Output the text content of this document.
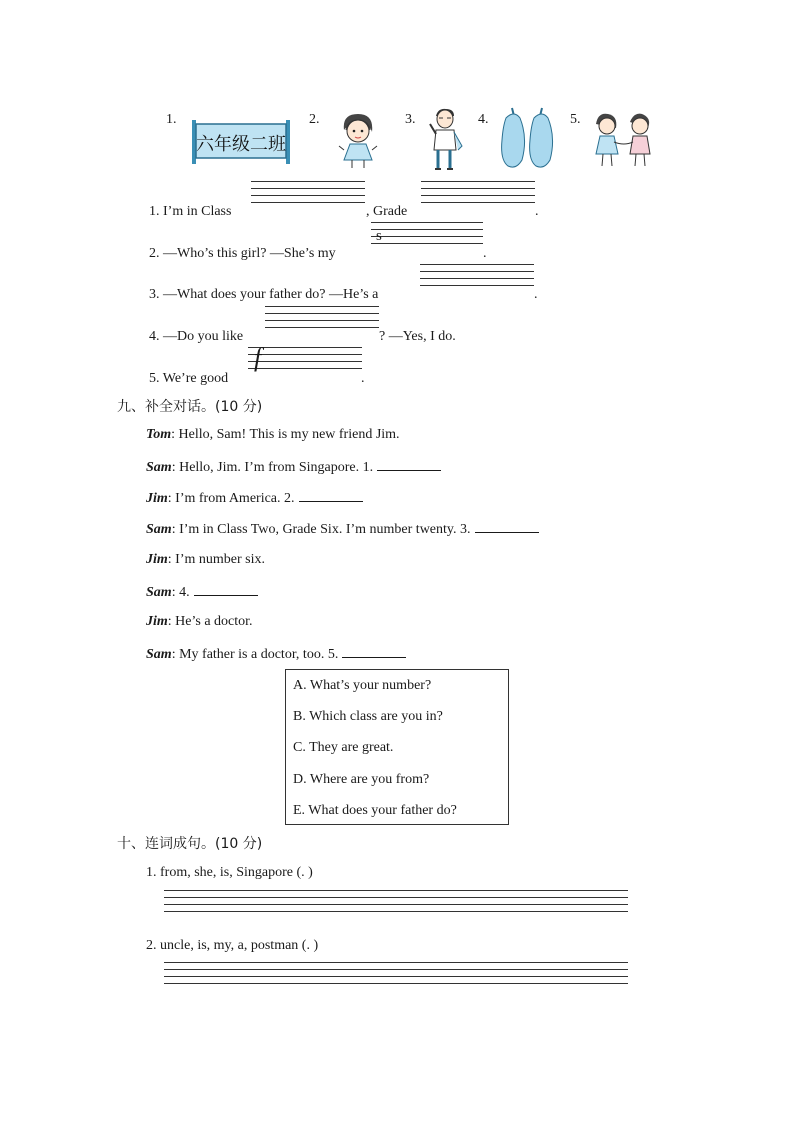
1.
六年级二班
2.	3.	4.	5.
1. I’m in Class	, Grade	.
2. —Who’s this girl? —She’s my
s
.
3. —What does your father do? —He’s a	.
4. —Do you like	? —Yes, I do.
5. We’re good
f
.
九、补全对话。(10 分)
Tom: Hello, Sam! This is my new friend Jim.
Sam: Hello, Jim. I’m from Singapore. 1.
Jim: I’m from America. 2.
Sam: I’m in Class Two, Grade Six. I’m number twenty. 3.
Jim: I’m number six.
Sam: 4.
Jim: He’s a doctor.
Sam: My father is a doctor, too. 5.
A. What’s your number?
B. Which class are you in?
C. They are great.
D. Where are you from?
E. What does your father do?
十、连词成句。(10 分)
1. from, she, is, Singapore (. )
2. uncle, is, my, a, postman (. )
